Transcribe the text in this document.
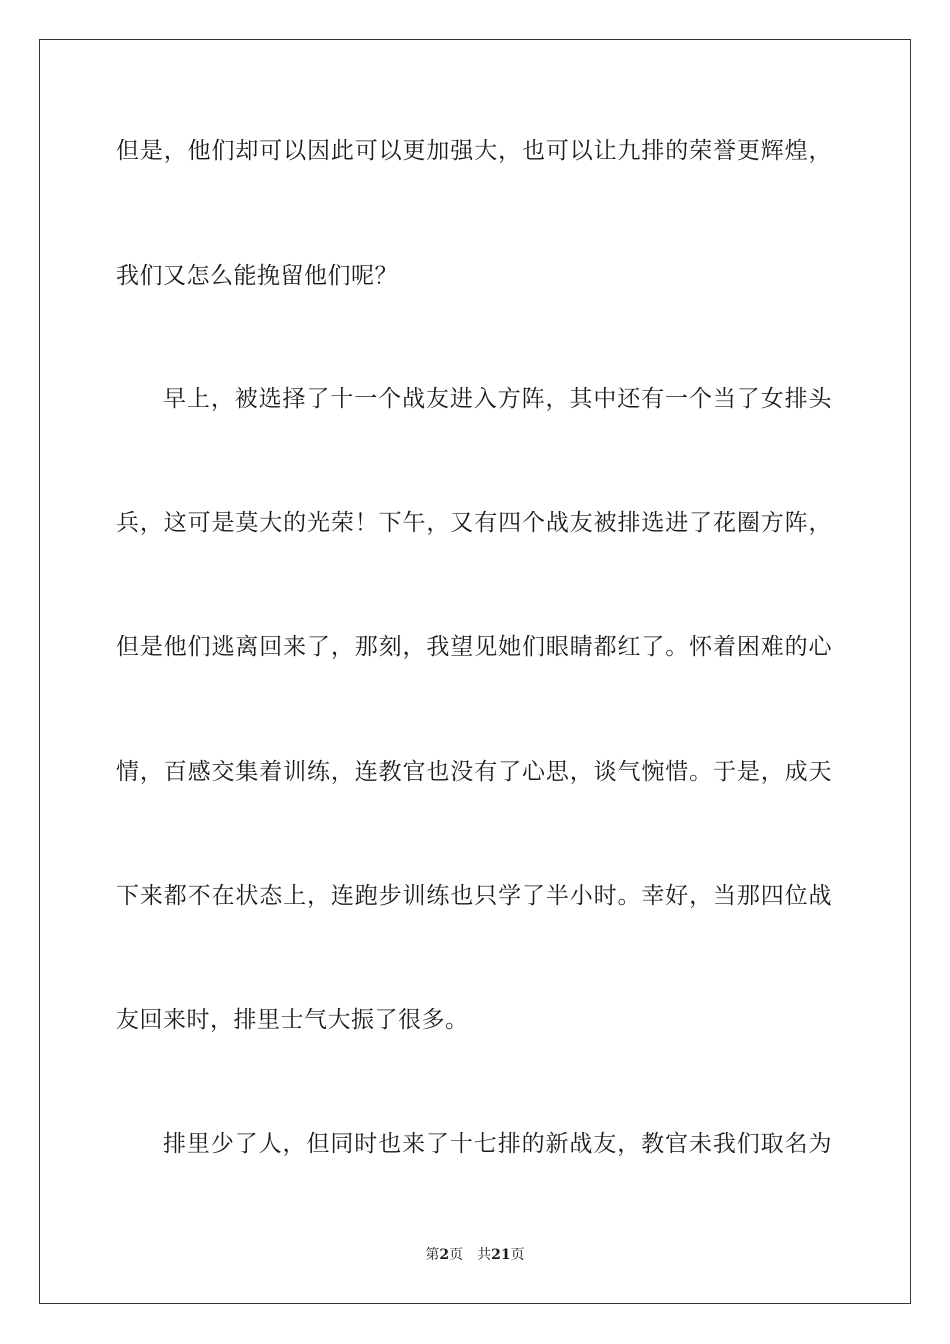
但是，他们却可以因此可以更加强大，也可以让九排的荣誉更辉煌，
我们又怎么能挽留他们呢？
早上，被选择了十一个战友进入方阵，其中还有一个当了女排头
兵，这可是莫大的光荣！下午，又有四个战友被排选进了花圈方阵，
但是他们逃离回来了，那刻，我望见她们眼睛都红了。怀着困难的心
情，百感交集着训练，连教官也没有了心思，谈气惋惜。于是，成天
下来都不在状态上，连跑步训练也只学了半小时。幸好，当那四位战
友回来时，排里士气大振了很多。
排里少了人，但同时也来了十七排的新战友，教官未我们取名为
第2页 共21页
